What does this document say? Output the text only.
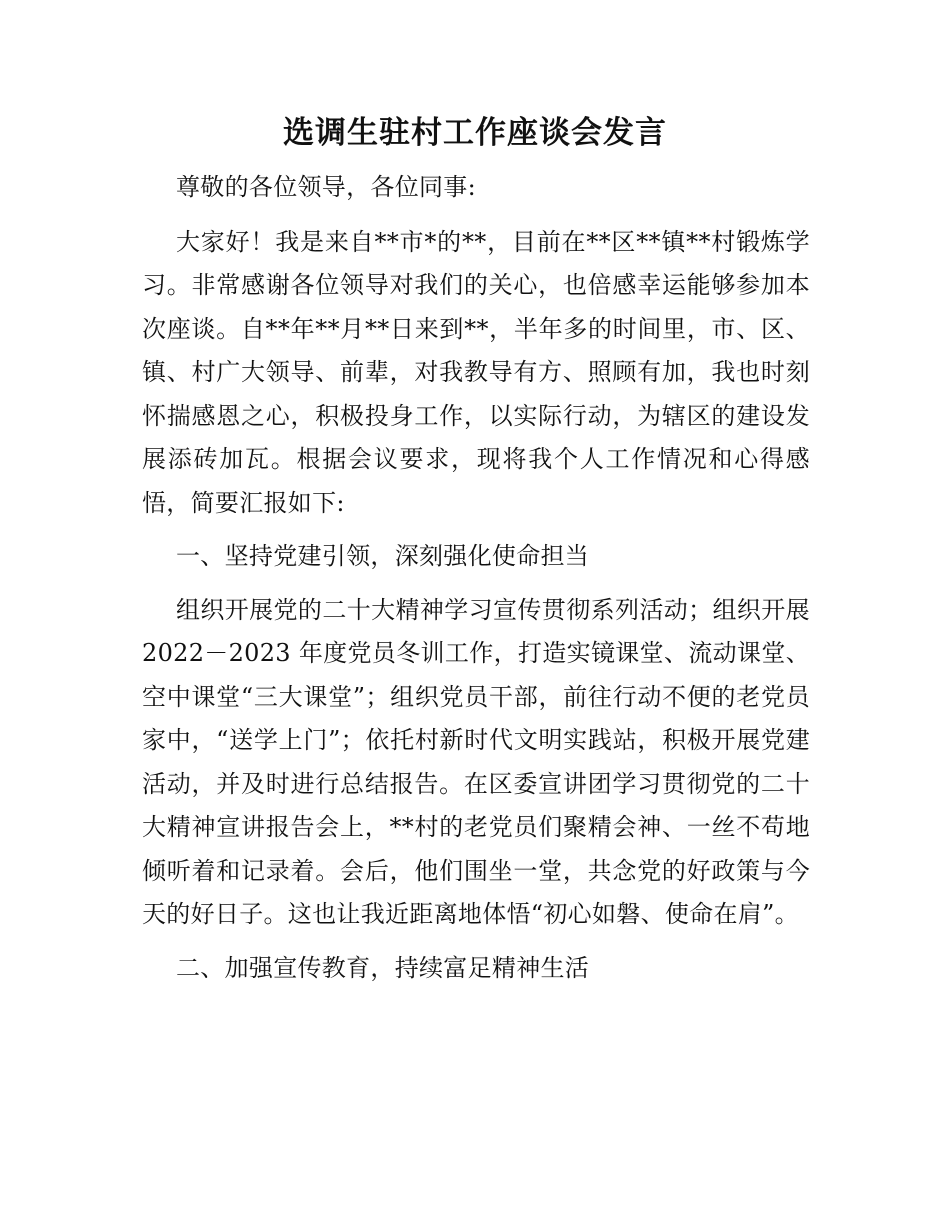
选调生驻村工作座谈会发言

尊敬的各位领导，各位同事:

大家好！我是来自**市*的**，目前在**区**镇**村锻炼学习。非常感谢各位领导对我们的关心，也倍感幸运能够参加本次座谈。自**年**月**日来到**，半年多的时间里，市、区、镇、村广大领导、前辈，对我教导有方、照顾有加，我也时刻怀揣感恩之心，积极投身工作，以实际行动，为辖区的建设发展添砖加瓦。根据会议要求，现将我个人工作情况和心得感悟，简要汇报如下:

一、坚持党建引领，深刻强化使命担当

组织开展党的二十大精神学习宣传贯彻系列活动；组织开展 2022－2023 年度党员冬训工作，打造实镜课堂、流动课堂、空中课堂“三大课堂”；组织党员干部，前往行动不便的老党员家中，“送学上门”；依托村新时代文明实践站，积极开展党建活动，并及时进行总结报告。在区委宣讲团学习贯彻党的二十大精神宣讲报告会上，**村的老党员们聚精会神、一丝不苟地倾听着和记录着。会后，他们围坐一堂，共念党的好政策与今天的好日子。这也让我近距离地体悟“初心如磐、使命在肩”。

二、加强宣传教育，持续富足精神生活
